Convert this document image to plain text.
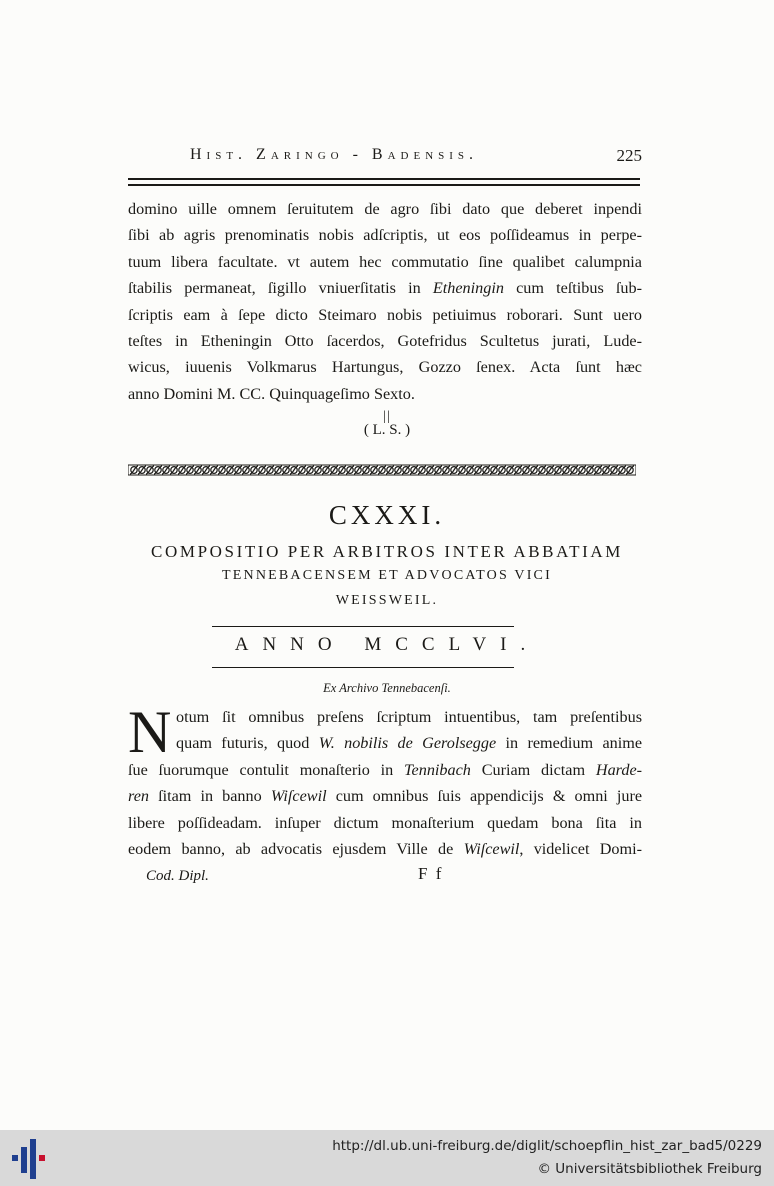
Hist. Zaringo - Badensis.	225
domino uille omnem ſeruitutem de agro ſibi dato que deberet inpendi
ſibi ab agris prenominatis nobis adſcriptis, ut eos poſſideamus in perpe-
tuum libera facultate. vt autem hec commutatio ſine qualibet calumpnia
ſtabilis permaneat, ſigillo vniuerſitatis in Etheningin cum teſtibus ſub-
ſcriptis eam à ſepe dicto Steimaro nobis petiuimus roborari. Sunt uero
teſtes in Etheningin Otto ſacerdos, Gotefridus Scultetus jurati, Lude-
wicus, iuuenis Volkmarus Hartungus, Gozzo ſenex. Acta ſunt hæc
anno Domini M. CC. Quinquageſimo Sexto.
||
( L. S. )
CXXXI.
COMPOSITIO PER ARBITROS INTER ABBATIAM
TENNEBACENSEM ET ADVOCATOS VICI
WEISSWEIL.
ANNO MCCLVI.
Ex Archivo Tennebacenſi.
N otum ſit omnibus preſens ſcriptum intuentibus, tam preſentibus
quam futuris, quod W. nobilis de Gerolsegge in remedium anime
ſue ſuorumque contulit monaſterio in Tennibach Curiam dictam Harde-
ren ſitam in banno Wiſcewil cum omnibus ſuis appendicijs & omni jure
libere poſſideadam. inſuper dictum monaſterium quedam bona ſita in
eodem banno, ab advocatis ejusdem Ville de Wiſcewil, videlicet Domi-
Cod. Dipl.	F f
http://dl.ub.uni-freiburg.de/diglit/schoepflin_hist_zar_bad5/0229
© Universitätsbibliothek Freiburg
